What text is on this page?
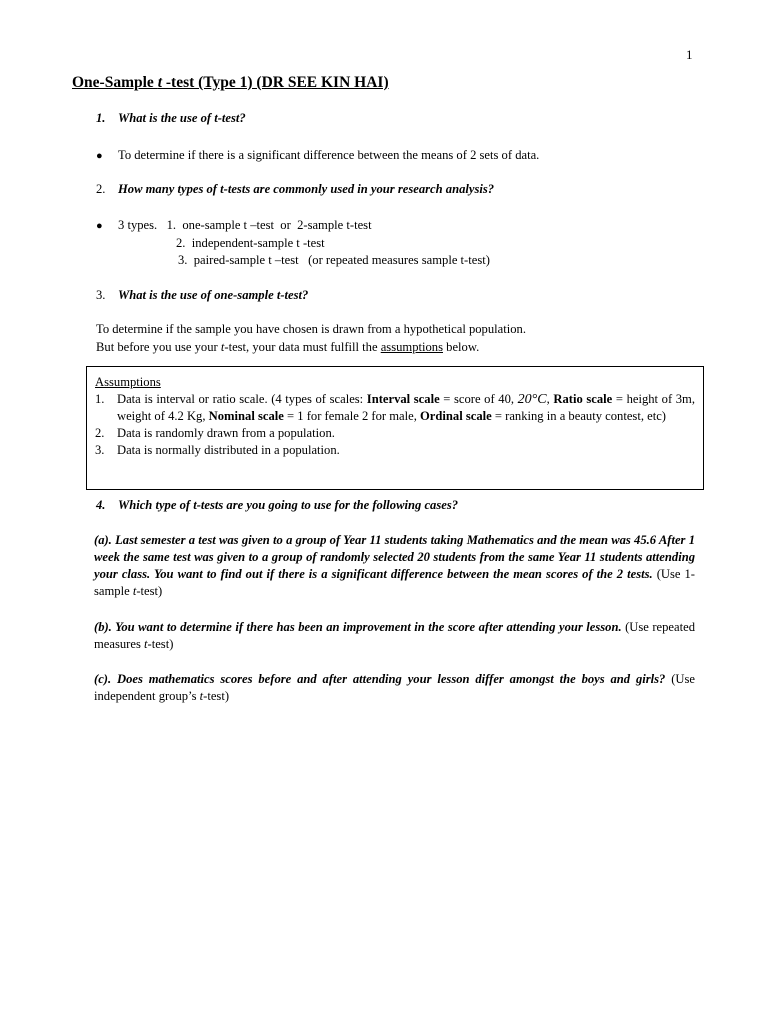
1
One-Sample t -test (Type 1) (DR SEE KIN HAI)
1. What is the use of t-test?
● To determine if there is a significant difference between the means of 2 sets of data.
2. How many types of t-tests are commonly used in your research analysis?
● 3 types.   1.  one-sample t –test  or  2-sample t-test
2.  independent-sample t -test
3.  paired-sample t –test   (or repeated measures sample t-test)
3. What is the use of one-sample t-test?
To determine if the sample you have chosen is drawn from a hypothetical population.
But before you use your t-test, your data must fulfill the assumptions below.
Assumptions
1. Data is interval or ratio scale. (4 types of scales: Interval scale = score of 40, 20°C, Ratio scale = height of 3m, weight of 4.2 Kg, Nominal scale = 1 for female 2 for male, Ordinal scale = ranking in a beauty contest, etc)
2. Data is randomly drawn from a population.
3. Data is normally distributed in a population.
4. Which type of t-tests are you going to use for the following cases?
(a). Last semester a test was given to a group of Year 11 students taking Mathematics and the mean was 45.6 After 1 week the same test was given to a group of randomly selected 20 students from the same Year 11 students attending your class. You want to find out if there is a significant difference between the mean scores of the 2 tests. (Use 1-sample t-test)
(b). You want to determine if there has been an improvement in the score after attending your lesson. (Use repeated measures t-test)
(c). Does mathematics scores before and after attending your lesson differ amongst the boys and girls? (Use independent group’s t-test)
